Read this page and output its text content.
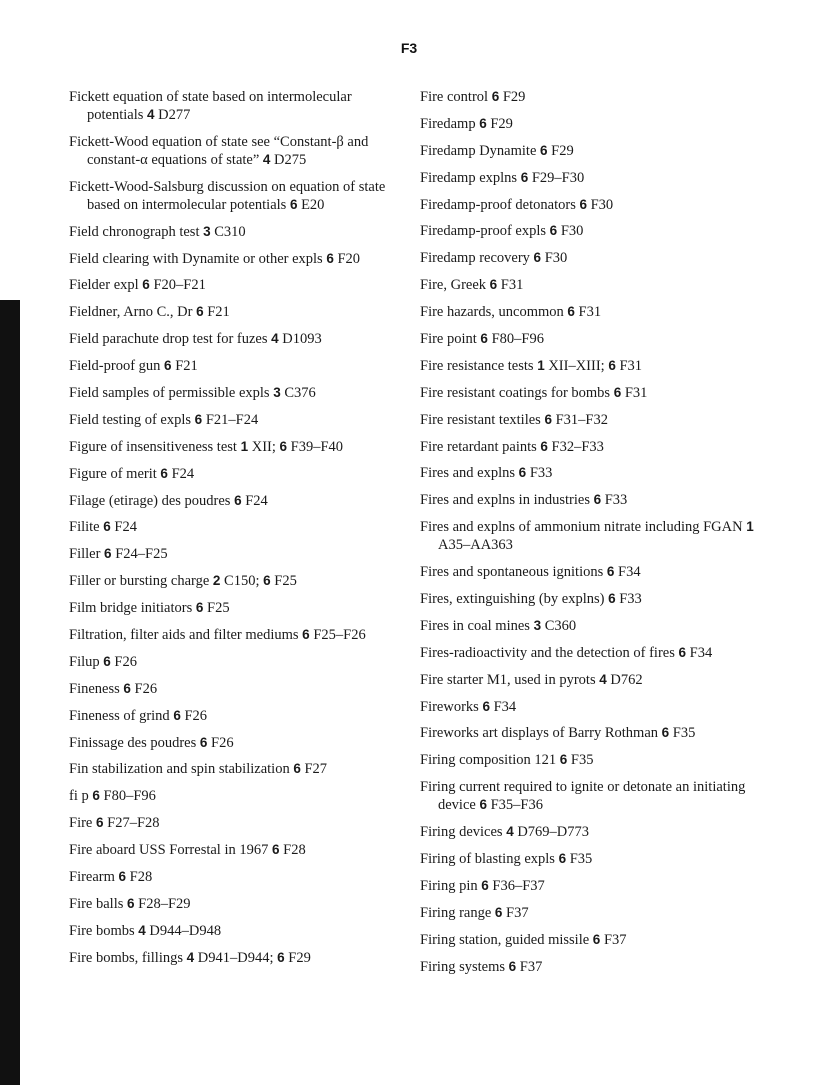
F3
Fickett equation of state based on intermolecular potentials 4 D277
Fickett-Wood equation of state see “Constant-β and constant-α equations of state” 4 D275
Fickett-Wood-Salsburg discussion on equation of state based on intermolecular potentials 6 E20
Field chronograph test 3 C310
Field clearing with Dynamite or other expls 6 F20
Fielder expl 6 F20–F21
Fieldner, Arno C., Dr 6 F21
Field parachute drop test for fuzes 4 D1093
Field-proof gun 6 F21
Field samples of permissible expls 3 C376
Field testing of expls 6 F21–F24
Figure of insensitiveness test 1 XII; 6 F39–F40
Figure of merit 6 F24
Filage (etirage) des poudres 6 F24
Filite 6 F24
Filler 6 F24–F25
Filler or bursting charge 2 C150; 6 F25
Film bridge initiators 6 F25
Filtration, filter aids and filter mediums 6 F25–F26
Filup 6 F26
Fineness 6 F26
Fineness of grind 6 F26
Finissage des poudres 6 F26
Fin stabilization and spin stabilization 6 F27
fi p 6 F80–F96
Fire 6 F27–F28
Fire aboard USS Forrestal in 1967 6 F28
Firearm 6 F28
Fire balls 6 F28–F29
Fire bombs 4 D944–D948
Fire bombs, fillings 4 D941–D944; 6 F29
Fire control 6 F29
Firedamp 6 F29
Firedamp Dynamite 6 F29
Firedamp explns 6 F29–F30
Firedamp-proof detonators 6 F30
Firedamp-proof expls 6 F30
Firedamp recovery 6 F30
Fire, Greek 6 F31
Fire hazards, uncommon 6 F31
Fire point 6 F80–F96
Fire resistance tests 1 XII–XIII; 6 F31
Fire resistant coatings for bombs 6 F31
Fire resistant textiles 6 F31–F32
Fire retardant paints 6 F32–F33
Fires and explns 6 F33
Fires and explns in industries 6 F33
Fires and explns of ammonium nitrate including FGAN 1 A35–AA363
Fires and spontaneous ignitions 6 F34
Fires, extinguishing (by explns) 6 F33
Fires in coal mines 3 C360
Fires-radioactivity and the detection of fires 6 F34
Fire starter M1, used in pyrots 4 D762
Fireworks 6 F34
Fireworks art displays of Barry Rothman 6 F35
Firing composition 121 6 F35
Firing current required to ignite or detonate an initiating device 6 F35–F36
Firing devices 4 D769–D773
Firing of blasting expls 6 F35
Firing pin 6 F36–F37
Firing range 6 F37
Firing station, guided missile 6 F37
Firing systems 6 F37
